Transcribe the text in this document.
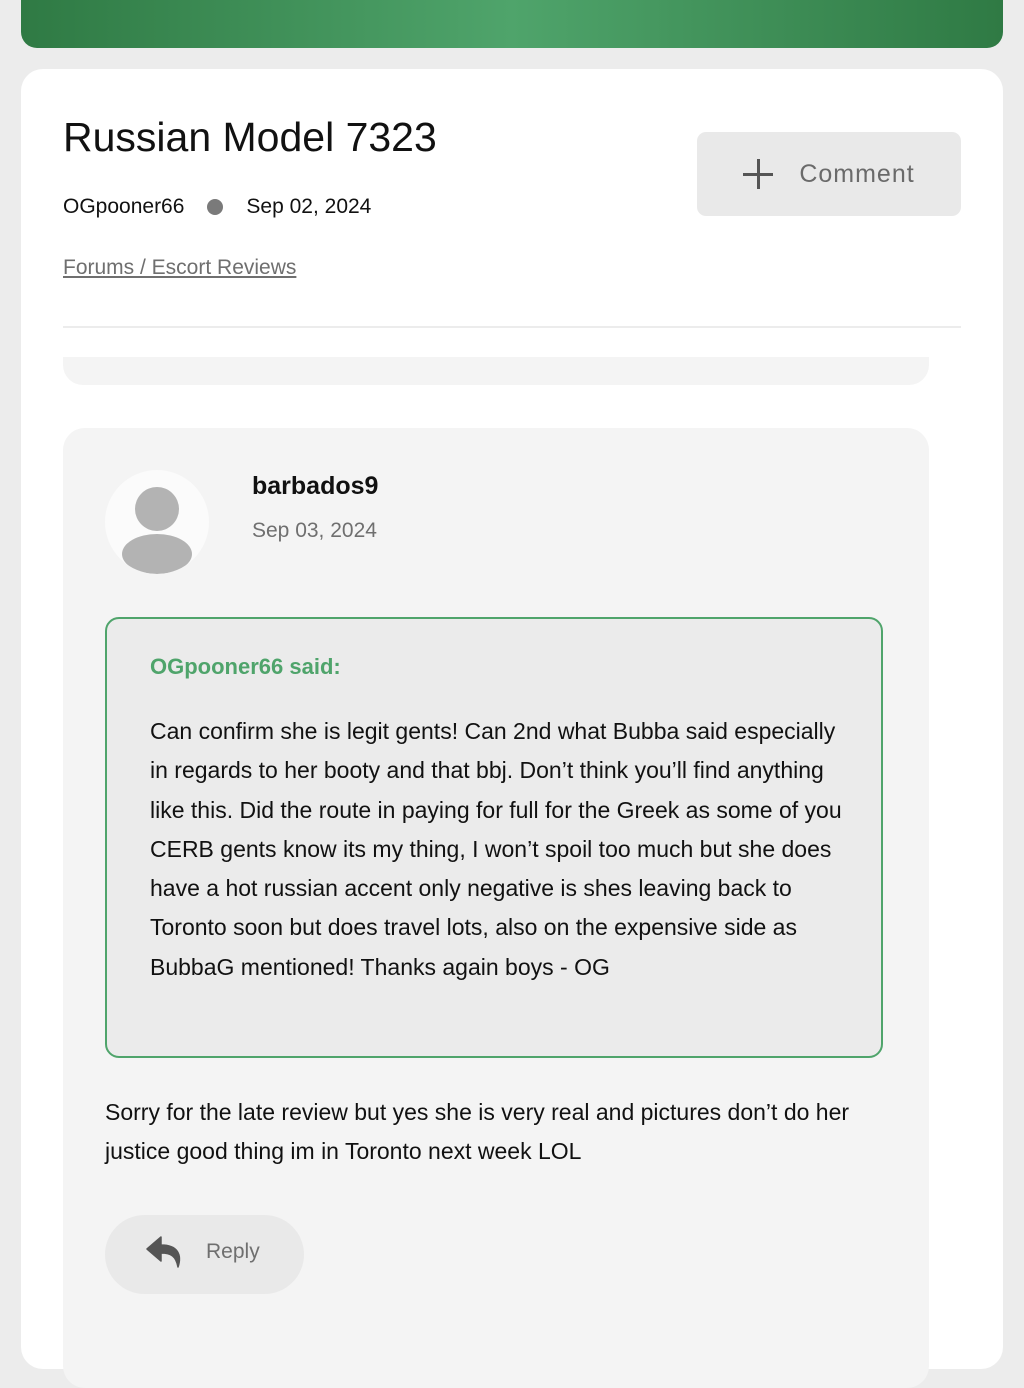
Russian Model 7323
OGpooner66	Sep 02, 2024
Forums / Escort Reviews
Comment
barbados9
Sep 03, 2024
OGpooner66 said:

Can confirm she is legit gents! Can 2nd what Bubba said especially in regards to her booty and that bbj. Don’t think you’ll find anything like this. Did the route in paying for full for the Greek as some of you CERB gents know its my thing, I won’t spoil too much but she does have a hot russian accent only negative is shes leaving back to Toronto soon but does travel lots, also on the expensive side as BubbaG mentioned! Thanks again boys - OG

Sorry for the late review but yes she is very real and pictures don’t do her justice good thing im in Toronto next week LOL

Reply
